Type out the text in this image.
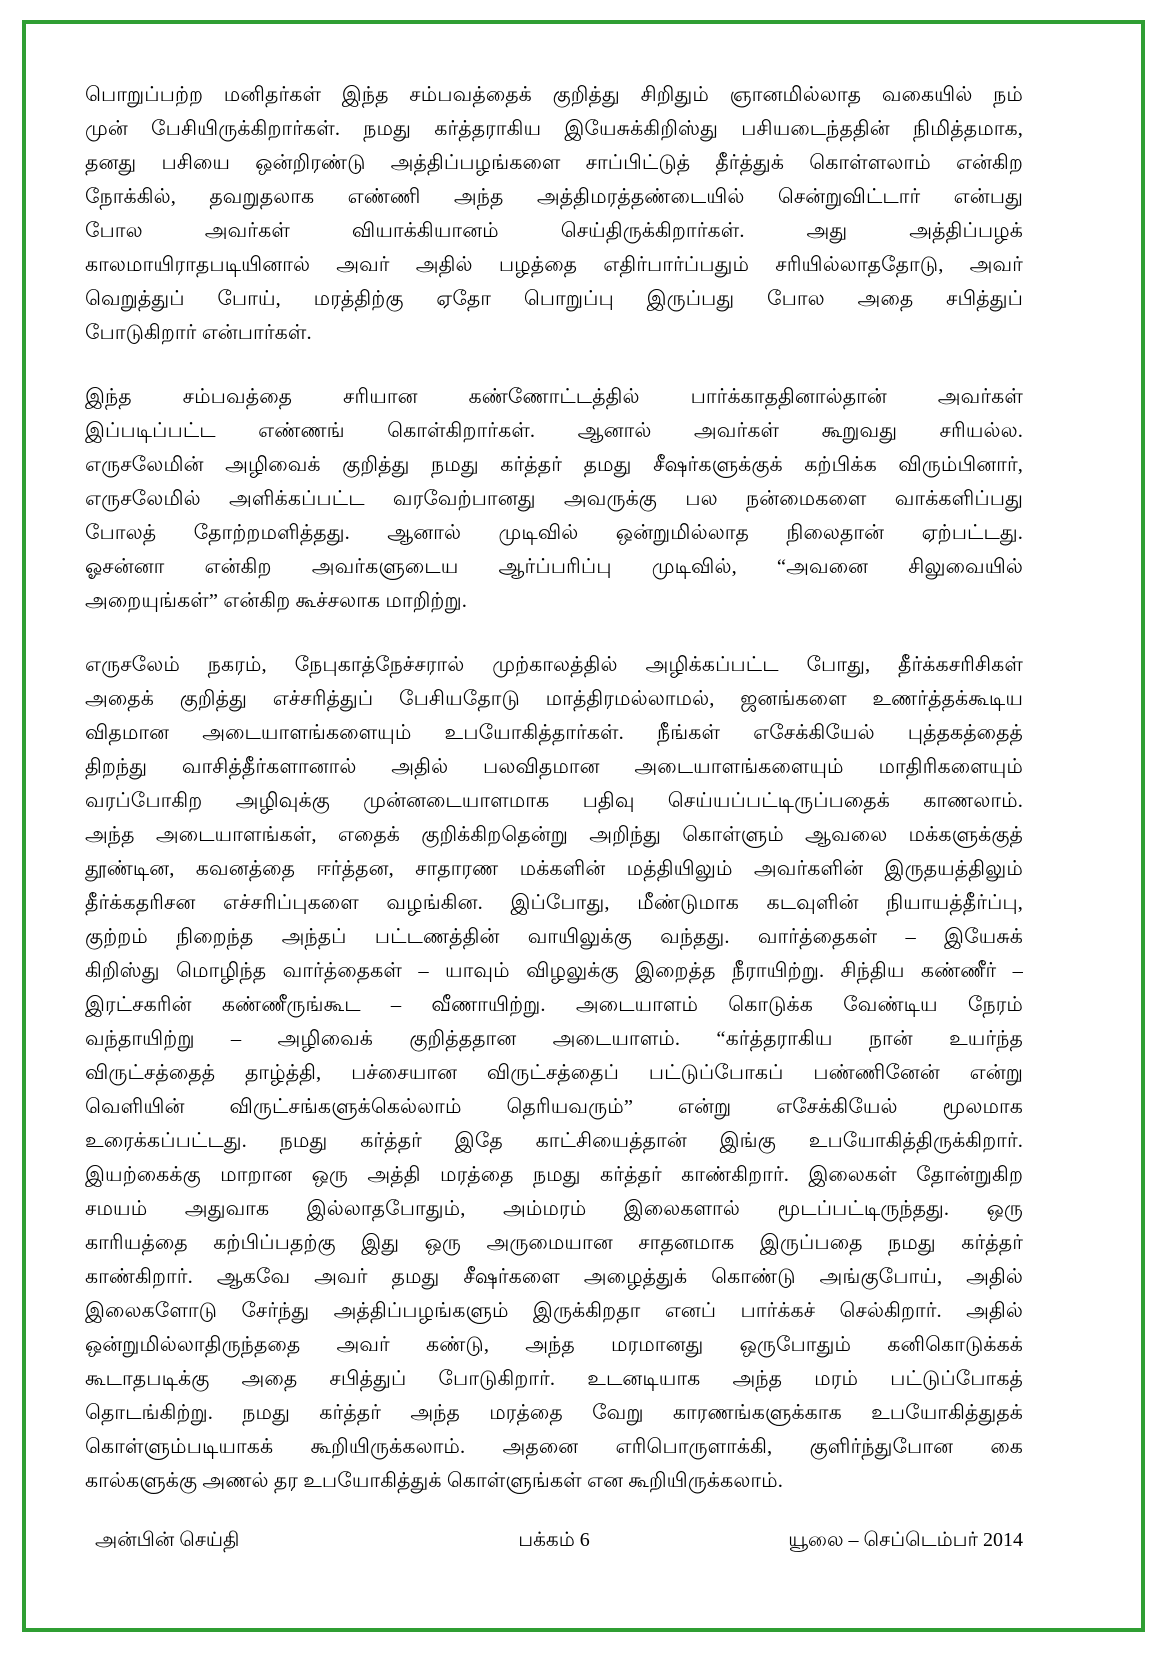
பொறுப்பற்ற மனிதர்கள் இந்த சம்பவத்தைக் குறித்து சிறிதும் ஞானமில்லாத வகையில் நம்
முன் பேசியிருக்கிறார்கள். நமது கர்த்தராகிய இயேசுக்கிறிஸ்து பசியடைந்ததின் நிமித்தமாக,
தனது பசியை ஒன்றிரண்டு அத்திப்பழங்களை சாப்பிட்டுத் தீர்த்துக் கொள்ளலாம் என்கிற
நோக்கில், தவறுதலாக எண்ணி அந்த அத்திமரத்தண்டையில் சென்றுவிட்டார் என்பது
போல அவர்கள் வியாக்கியானம் செய்திருக்கிறார்கள். அது அத்திப்பழக்
காலமாயிராதபடியினால் அவர் அதில் பழத்தை எதிர்பார்ப்பதும் சரியில்லாததோடு, அவர்
வெறுத்துப் போய், மரத்திற்கு ஏதோ பொறுப்பு இருப்பது போல அதை சபித்துப்
போடுகிறார் என்பார்கள்.
இந்த சம்பவத்தை சரியான கண்ணோட்டத்தில் பார்க்காததினால்தான் அவர்கள்
இப்படிப்பட்ட எண்ணங் கொள்கிறார்கள். ஆனால் அவர்கள் கூறுவது சரியல்ல.
எருசலேமின் அழிவைக் குறித்து நமது கர்த்தர் தமது சீஷர்களுக்குக் கற்பிக்க விரும்பினார்,
எருசலேமில் அளிக்கப்பட்ட வரவேற்பானது அவருக்கு பல நன்மைகளை வாக்களிப்பது
போலத் தோற்றமளித்தது. ஆனால் முடிவில் ஒன்றுமில்லாத நிலைதான் ஏற்பட்டது.
ஓசன்னா என்கிற அவர்களுடைய ஆர்ப்பரிப்பு முடிவில், “அவனை சிலுவையில்
அறையுங்கள்” என்கிற கூச்சலாக மாறிற்று.
எருசலேம் நகரம், நேபுகாத்நேச்சரால் முற்காலத்தில் அழிக்கப்பட்ட போது, தீர்க்கசரிசிகள்
அதைக் குறித்து எச்சரித்துப் பேசியதோடு மாத்திரமல்லாமல், ஜனங்களை உணர்த்தக்கூடிய
விதமான அடையாளங்களையும் உபயோகித்தார்கள். நீங்கள் எசேக்கியேல் புத்தகத்தைத்
திறந்து வாசித்தீர்களானால் அதில் பலவிதமான அடையாளங்களையும் மாதிரிகளையும்
வரப்போகிற அழிவுக்கு முன்னடையாளமாக பதிவு செய்யப்பட்டிருப்பதைக் காணலாம்.
அந்த அடையாளங்கள், எதைக் குறிக்கிறதென்று அறிந்து கொள்ளும் ஆவலை மக்களுக்குத்
தூண்டின, கவனத்தை ஈர்த்தன, சாதாரண மக்களின் மத்தியிலும் அவர்களின் இருதயத்திலும்
தீர்க்கதரிசன எச்சரிப்புகளை வழங்கின. இப்போது, மீண்டுமாக கடவுளின் நியாயத்தீர்ப்பு,
குற்றம் நிறைந்த அந்தப் பட்டணத்தின் வாயிலுக்கு வந்தது. வார்த்தைகள் – இயேசுக்
கிறிஸ்து மொழிந்த வார்த்தைகள் – யாவும் விழலுக்கு இறைத்த நீராயிற்று. சிந்திய கண்ணீர் –
இரட்சகரின் கண்ணீருங்கூட – வீணாயிற்று. அடையாளம் கொடுக்க வேண்டிய நேரம்
வந்தாயிற்று – அழிவைக் குறித்ததான அடையாளம். “கர்த்தராகிய நான் உயர்ந்த
விருட்சத்தைத் தாழ்த்தி, பச்சையான விருட்சத்தைப் பட்டுப்போகப் பண்ணினேன் என்று
வெளியின் விருட்சங்களுக்கெல்லாம் தெரியவரும்” என்று எசேக்கியேல் மூலமாக
உரைக்கப்பட்டது. நமது கர்த்தர் இதே காட்சியைத்தான் இங்கு உபயோகித்திருக்கிறார்.
இயற்கைக்கு மாறான ஒரு அத்தி மரத்தை நமது கர்த்தர் காண்கிறார். இலைகள் தோன்றுகிற
சமயம் அதுவாக இல்லாதபோதும், அம்மரம் இலைகளால் மூடப்பட்டிருந்தது. ஒரு
காரியத்தை கற்பிப்பதற்கு இது ஒரு அருமையான சாதனமாக இருப்பதை நமது கர்த்தர்
காண்கிறார். ஆகவே அவர் தமது சீஷர்களை அழைத்துக் கொண்டு அங்குபோய், அதில்
இலைகளோடு சேர்ந்து அத்திப்பழங்களும் இருக்கிறதா எனப் பார்க்கச் செல்கிறார். அதில்
ஒன்றுமில்லாதிருந்ததை அவர் கண்டு, அந்த மரமானது ஒருபோதும் கனிகொடுக்கக்
கூடாதபடிக்கு அதை சபித்துப் போடுகிறார். உடனடியாக அந்த மரம் பட்டுப்போகத்
தொடங்கிற்று. நமது கர்த்தர் அந்த மரத்தை வேறு காரணங்களுக்காக உபயோகித்துதக்
கொள்ளும்படியாகக் கூறியிருக்கலாம். அதனை எரிபொருளாக்கி, குளிர்ந்துபோன கை
கால்களுக்கு அணல் தர உபயோகித்துக் கொள்ளுங்கள் என கூறியிருக்கலாம்.
அன்பின் செய்தி	பக்கம் 6	யூலை – செப்டெம்பர் 2014
